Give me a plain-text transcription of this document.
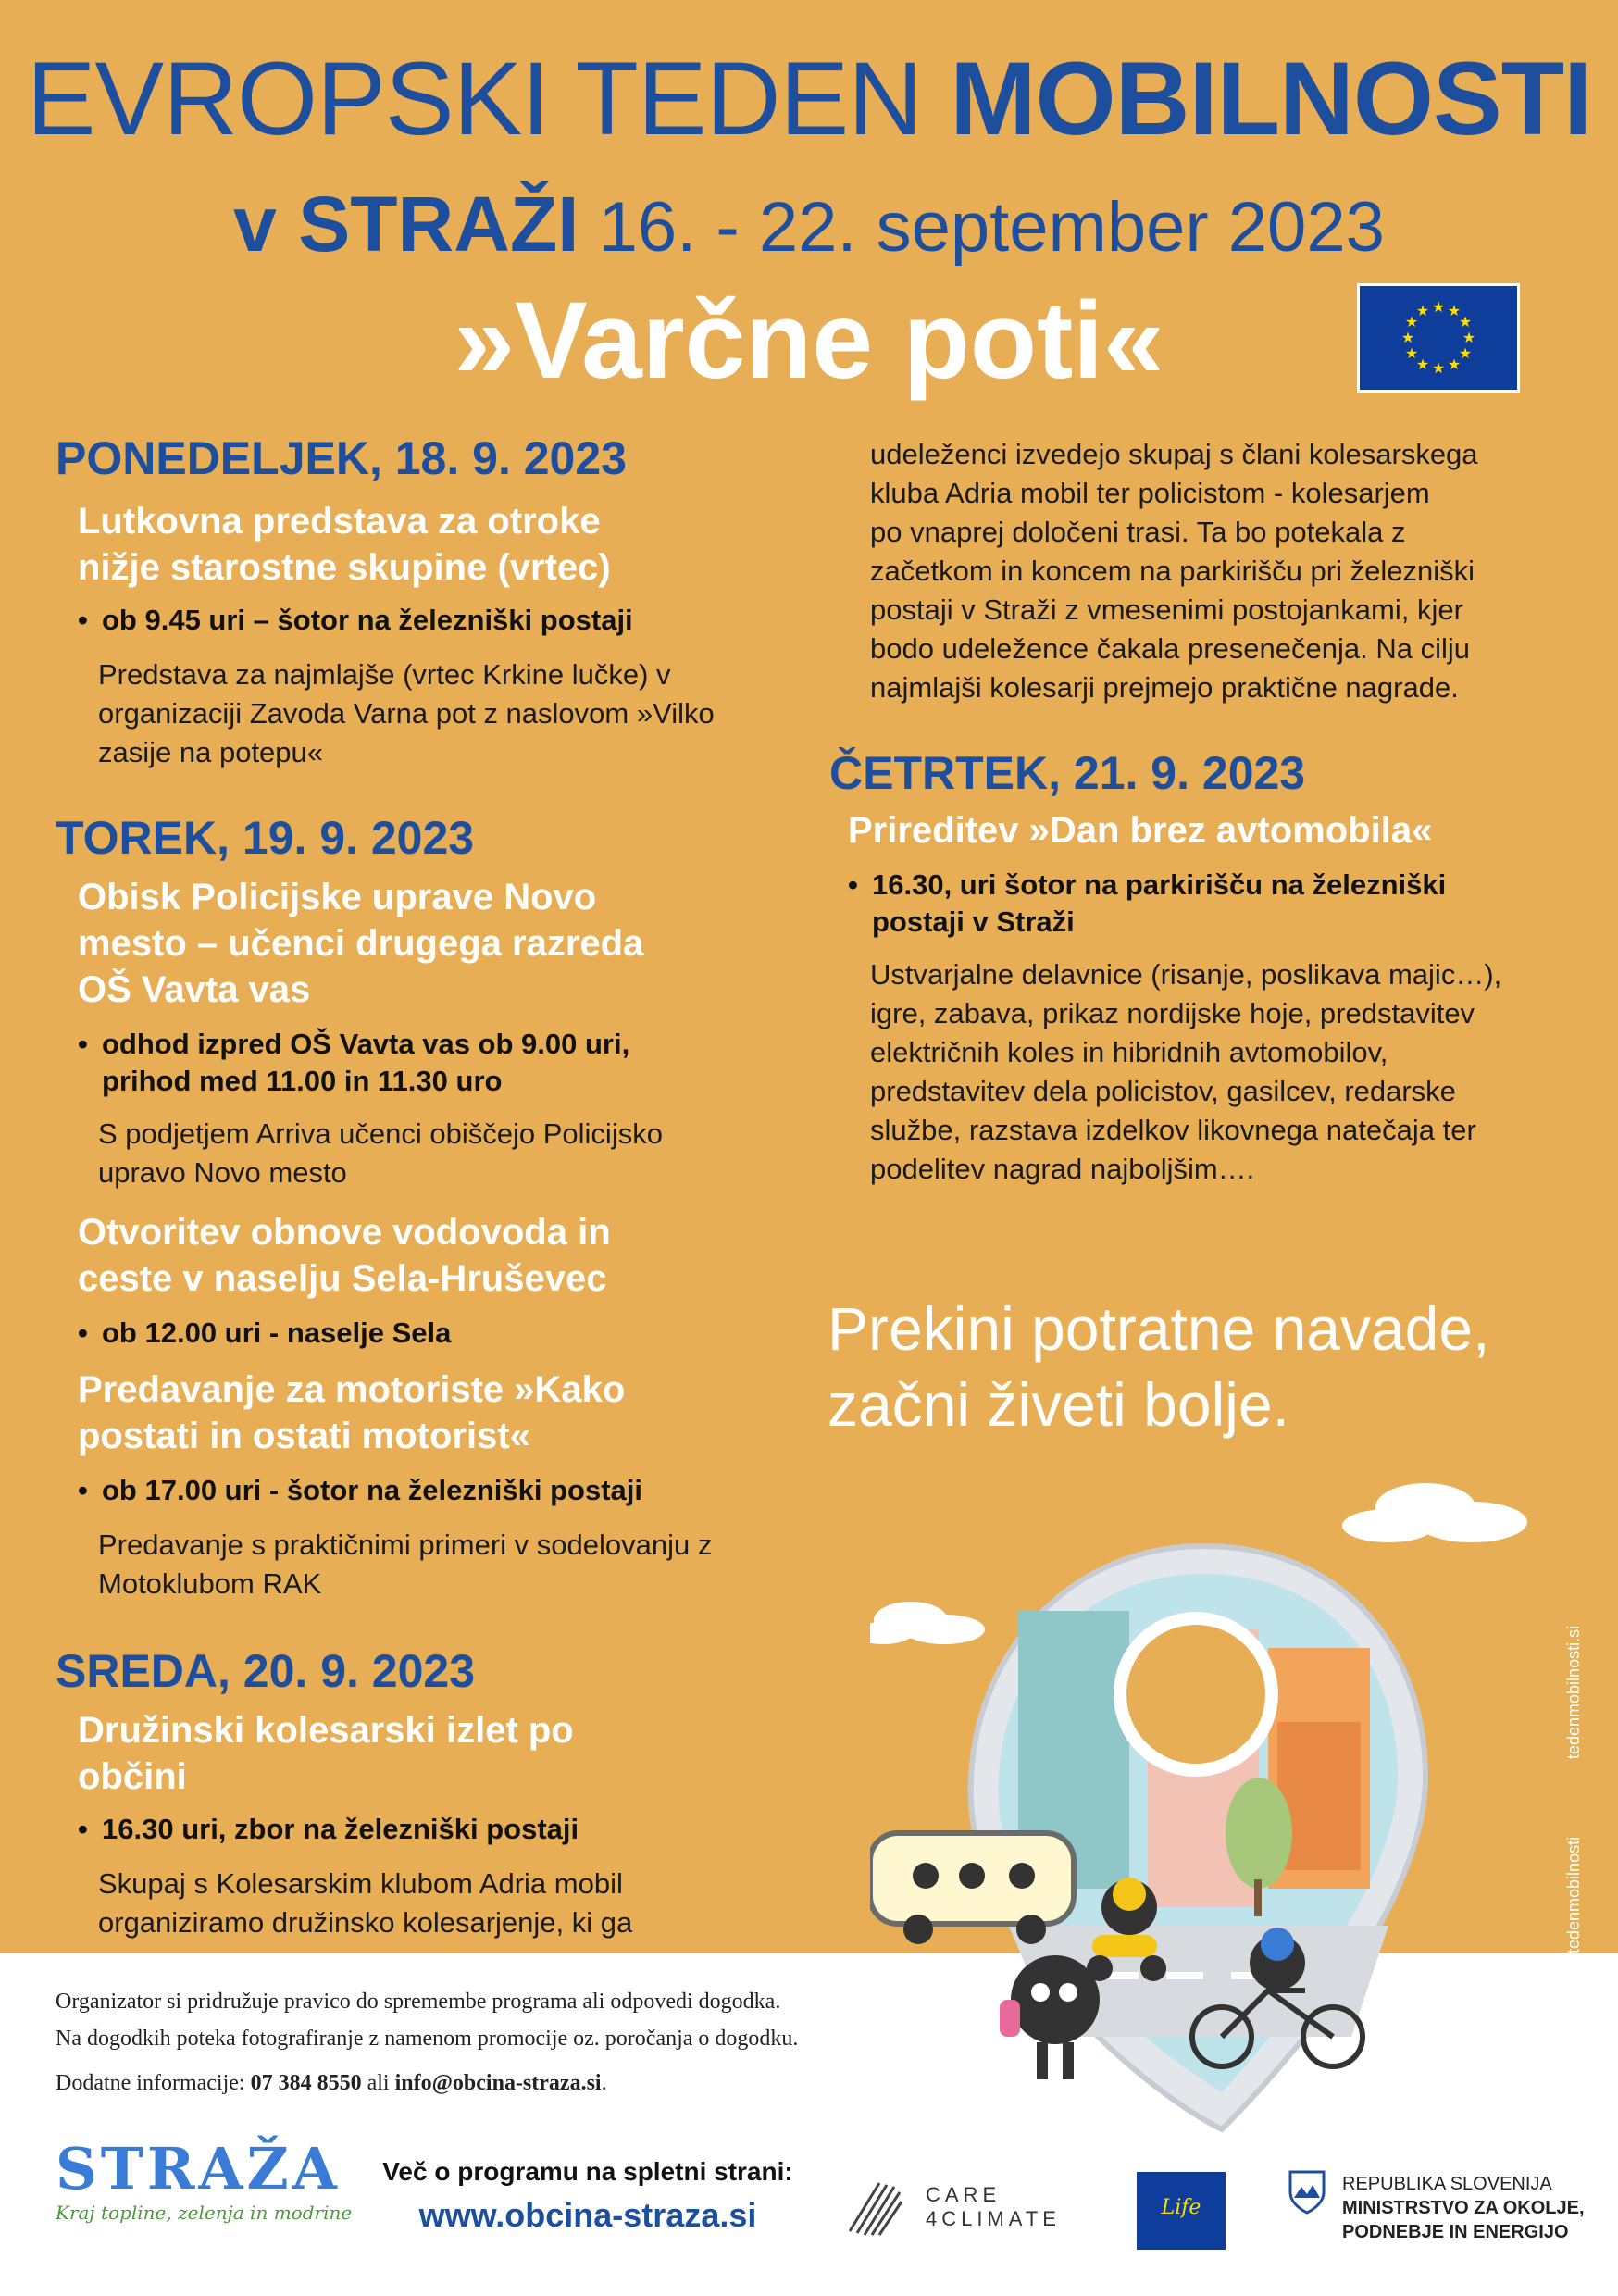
EVROPSKI TEDEN MOBILNOSTI
v STRAŽI 16. - 22. september 2023
»Varčne poti«	★ ★
★
★
★
★
★
★
★
★
★
★
PONEDELJEK, 18. 9. 2023
Lutkovna predstava za otroke
nižje starostne skupine (vrtec)
• ob 9.45 uri – šotor na železniški postaji
Predstava za najmlajše (vrtec Krkine lučke) v
organizaciji Zavoda Varna pot z naslovom »Vilko
zasije na potepu«
TOREK, 19. 9. 2023
Obisk Policijske uprave Novo
mesto – učenci drugega razreda
OŠ Vavta vas
• odhod izpred OŠ Vavta vas ob 9.00 uri,
prihod med 11.00 in 11.30 uro
S podjetjem Arriva učenci obiščejo Policijsko
upravo Novo mesto
Otvoritev obnove vodovoda in
ceste v naselju Sela-Hruševec
• ob 12.00 uri - naselje Sela
Predavanje za motoriste »Kako
postati in ostati motorist«
• ob 17.00 uri - šotor na železniški postaji
Predavanje s praktičnimi primeri v sodelovanju z
Motoklubom RAK
SREDA, 20. 9. 2023
Družinski kolesarski izlet po
občini
• 16.30 uri, zbor na železniški postaji
Skupaj s Kolesarskim klubom Adria mobil
organiziramo družinsko kolesarjenje, ki ga
udeleženci izvedejo skupaj s člani kolesarskega
kluba Adria mobil ter policistom - kolesarjem
po vnaprej določeni trasi. Ta bo potekala z
začetkom in koncem na parkirišču pri železniški
postaji v Straži z vmesenimi postojankami, kjer
bodo udeležence čakala presenečenja. Na cilju
najmlajši kolesarji prejmejo praktične nagrade.
ČETRTEK, 21. 9. 2023
Prireditev »Dan brez avtomobila«
• 16.30, uri šotor na parkirišču na železniški
postaji v Straži
Ustvarjalne delavnice (risanje, poslikava majic…),
igre, zabava, prikaz nordijske hoje, predstavitev
električnih koles in hibridnih avtomobilov,
predstavitev dela policistov, gasilcev, redarske
službe, razstava izdelkov likovnega natečaja ter
podelitev nagrad najboljšim….
Prekini potratne navade,
začni živeti bolje.
tedenmobilnosti.si
tedenmobilnosti
Organizator si pridružuje pravico do spremembe programa ali odpovedi dogodka.
Na dogodkih poteka fotografiranje z namenom promocije oz. poročanja o dogodku.
Dodatne informacije: 07 384 8550 ali info@obcina-straza.si.
STRAŽA
Kraj topline, zelenja in modrine
Več o programu na spletni strani:
www.obcina-straza.si
CARE
4CLIMATE	Life
REPUBLIKA SLOVENIJA
MINISTRSTVO ZA OKOLJE,
PODNEBJE IN ENERGIJO
